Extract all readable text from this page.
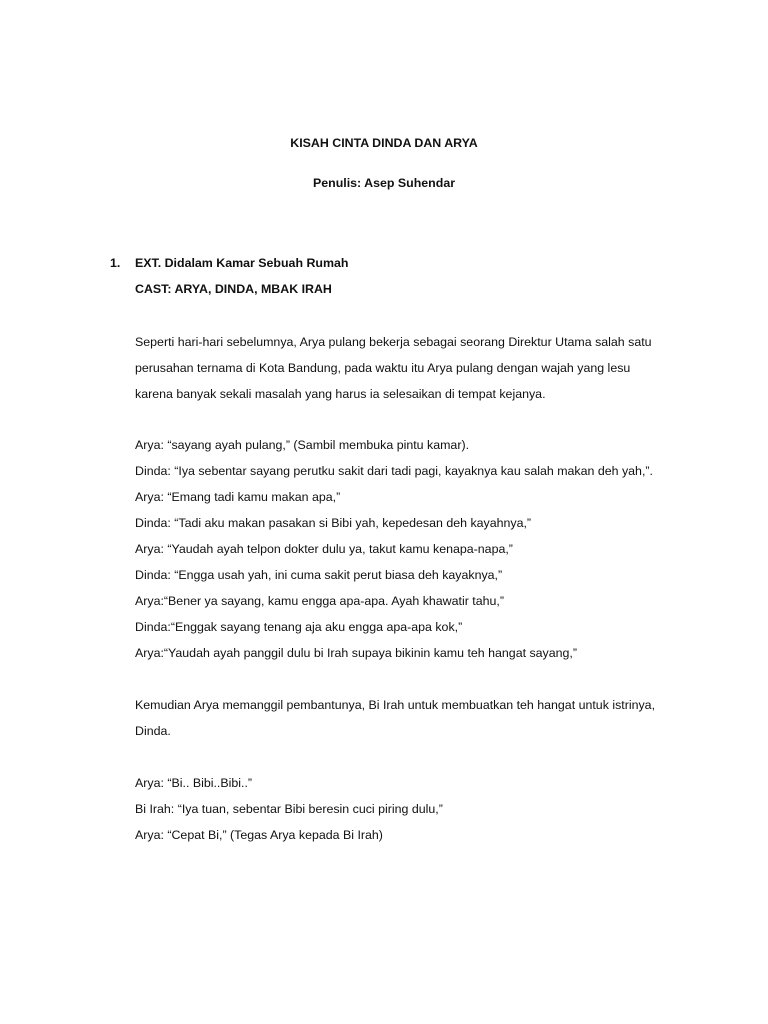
KISAH CINTA DINDA DAN ARYA
Penulis: Asep Suhendar
1. EXT. Didalam Kamar Sebuah Rumah
CAST: ARYA, DINDA, MBAK IRAH
Seperti hari-hari sebelumnya, Arya pulang bekerja sebagai seorang Direktur Utama salah satu
perusahan ternama di Kota Bandung, pada waktu itu Arya pulang dengan wajah yang lesu
karena banyak sekali masalah yang harus ia selesaikan di tempat kejanya.
Arya: “sayang ayah pulang,” (Sambil membuka pintu kamar).
Dinda: “Iya sebentar sayang perutku sakit dari tadi pagi, kayaknya kau salah makan deh yah,”.
Arya: “Emang tadi kamu makan apa,”
Dinda: “Tadi aku makan pasakan si Bibi yah, kepedesan deh kayahnya,”
Arya: “Yaudah ayah telpon dokter dulu ya, takut kamu kenapa-napa,”
Dinda: “Engga usah yah, ini cuma sakit perut biasa deh kayaknya,”
Arya:“Bener ya sayang, kamu engga apa-apa. Ayah khawatir tahu,”
Dinda:“Enggak sayang tenang aja aku engga apa-apa kok,”
Arya:“Yaudah ayah panggil dulu bi Irah supaya bikinin kamu teh hangat sayang,”
Kemudian Arya memanggil pembantunya, Bi Irah untuk membuatkan teh hangat untuk istrinya,
Dinda.
Arya: “Bi.. Bibi..Bibi..”
Bi Irah: “Iya tuan, sebentar Bibi beresin cuci piring dulu,”
Arya: “Cepat Bi,” (Tegas Arya kepada Bi Irah)
